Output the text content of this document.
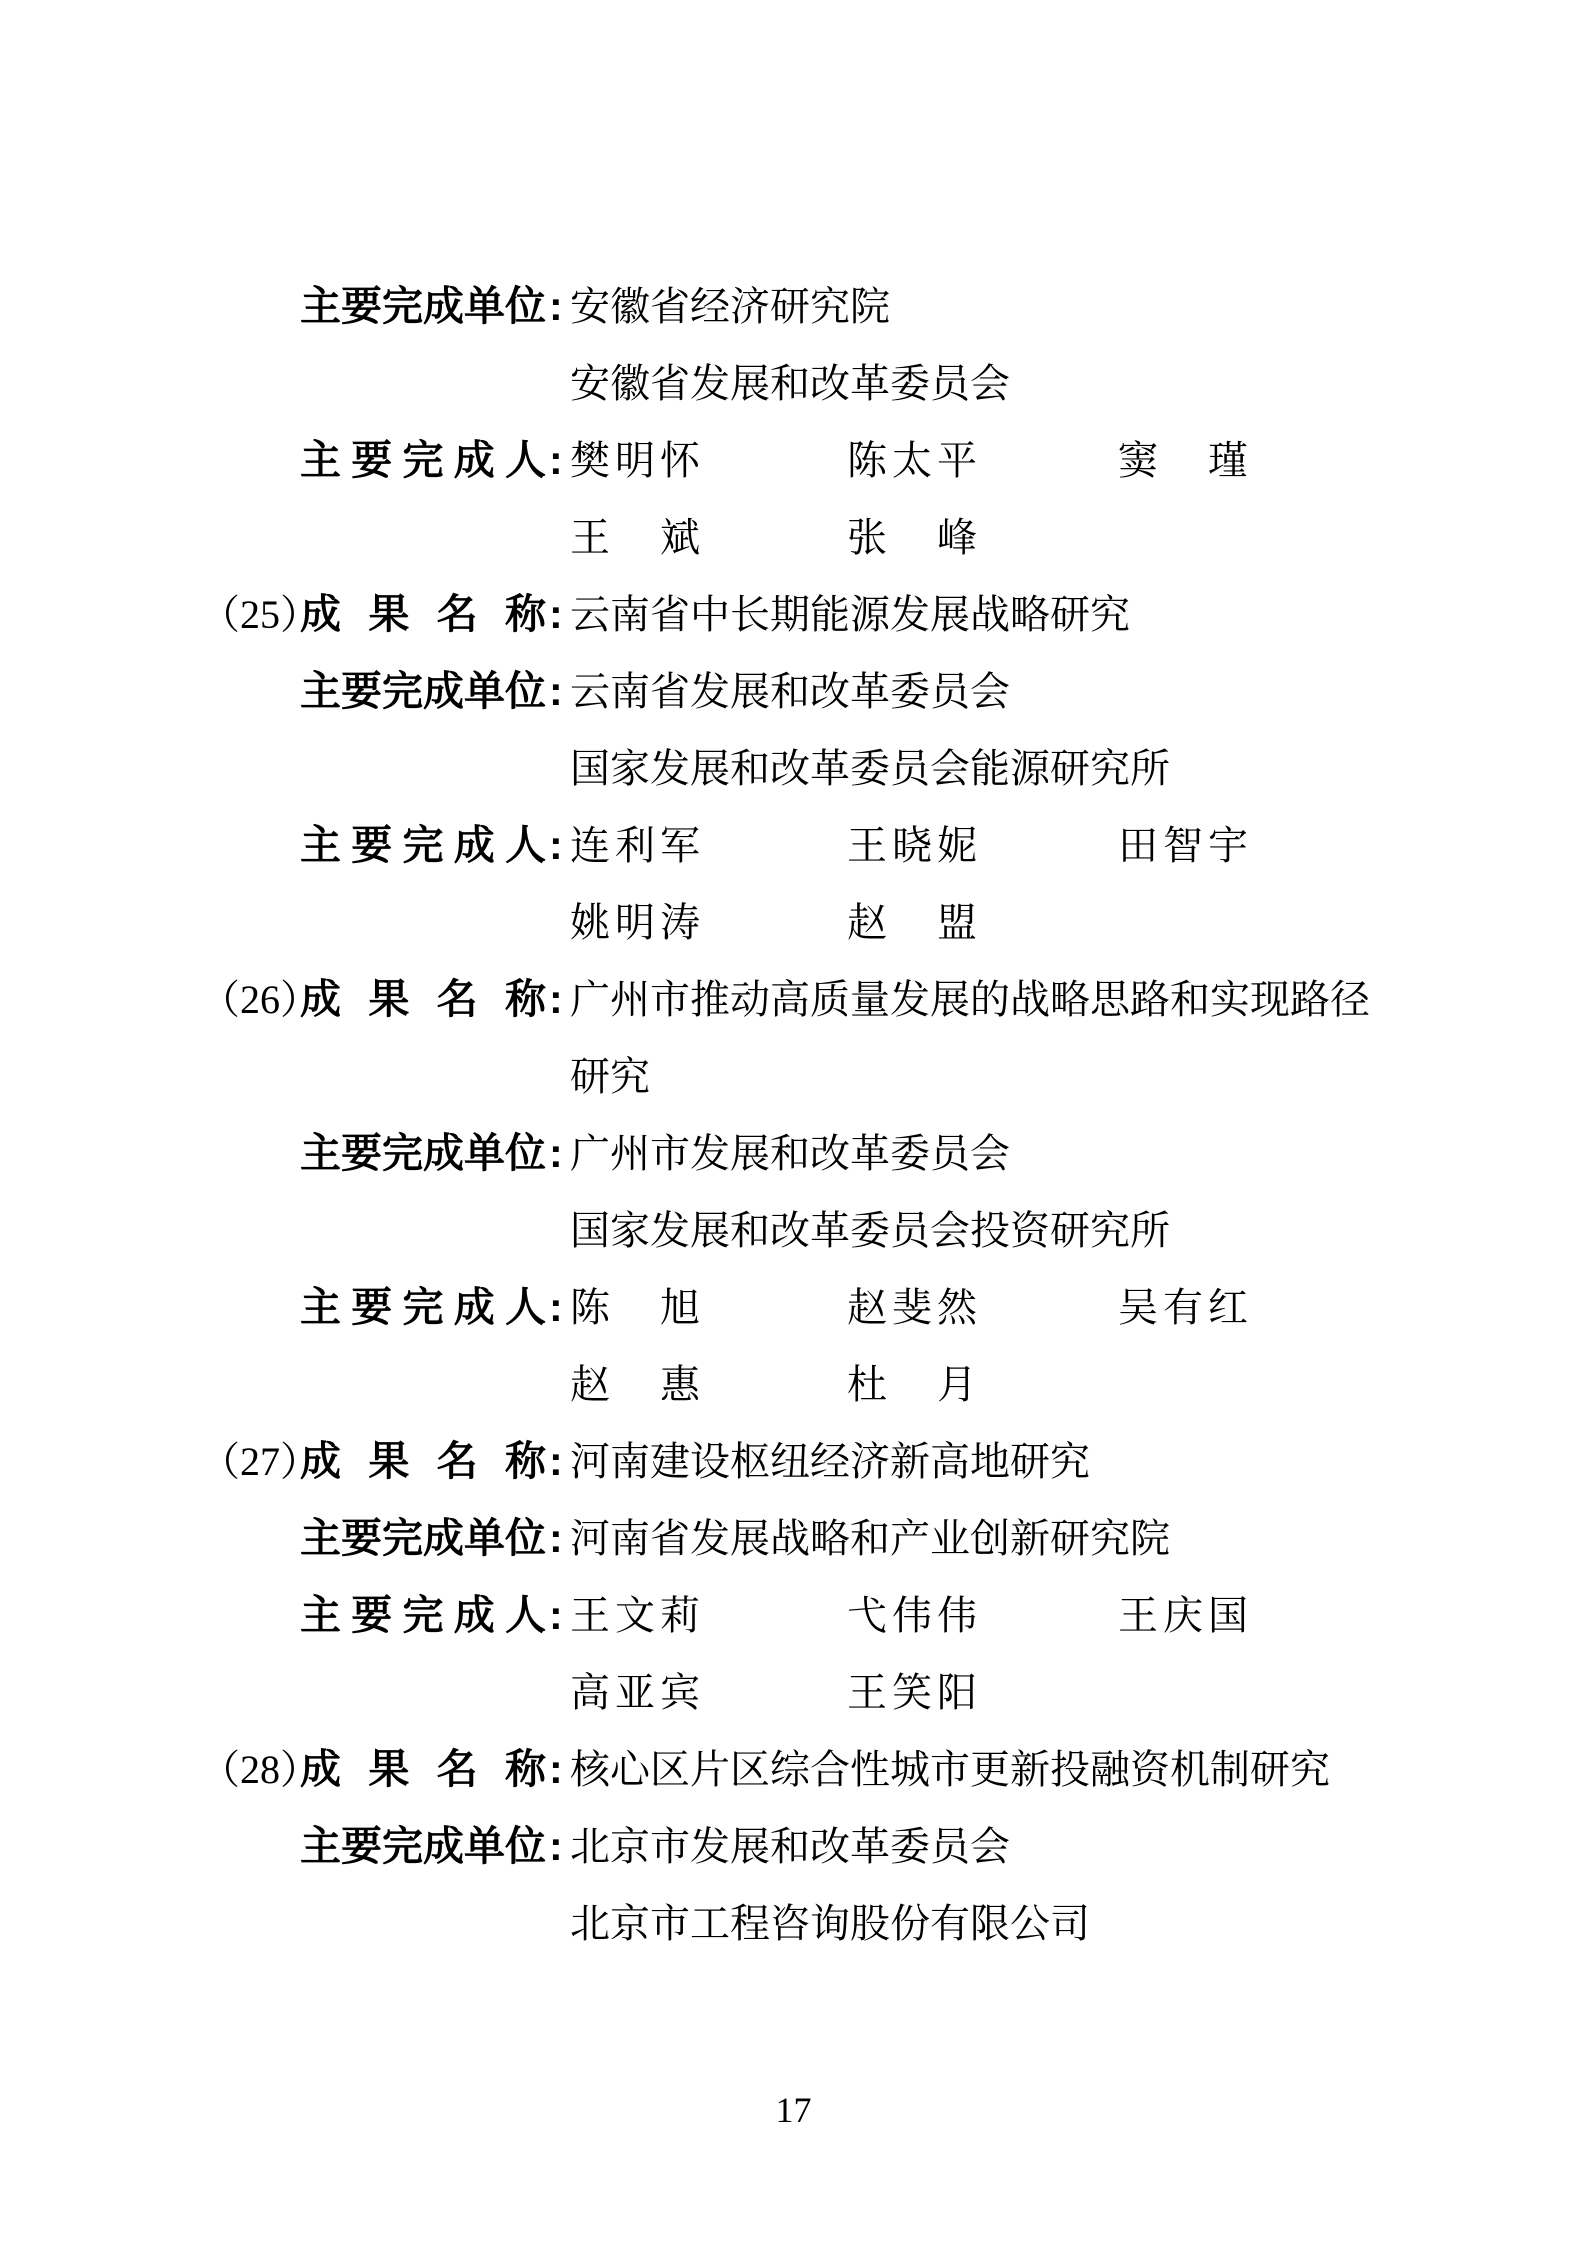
主要完成单位 : 安徽省经济研究院
安徽省发展和改革委员会
主要完成人 : 樊明怀	陈太平	窦　瑾
王　斌	张　峰
（25）
成果名称 : 云南省中长期能源发展战略研究
主要完成单位 : 云南省发展和改革委员会
国家发展和改革委员会能源研究所
主要完成人 : 连利军	王晓妮	田智宇
姚明涛	赵　盟
（26）
成果名称 : 广州市推动高质量发展的战略思路和实现路径
研究
主要完成单位 : 广州市发展和改革委员会
国家发展和改革委员会投资研究所
主要完成人 : 陈　旭	赵斐然	吴有红
赵　惠	杜　月
（27）
成果名称 : 河南建设枢纽经济新高地研究
主要完成单位 : 河南省发展战略和产业创新研究院
主要完成人 : 王文莉	弋伟伟	王庆国
高亚宾	王笑阳
（28）
成果名称 : 核心区片区综合性城市更新投融资机制研究
主要完成单位 : 北京市发展和改革委员会
北京市工程咨询股份有限公司
17
